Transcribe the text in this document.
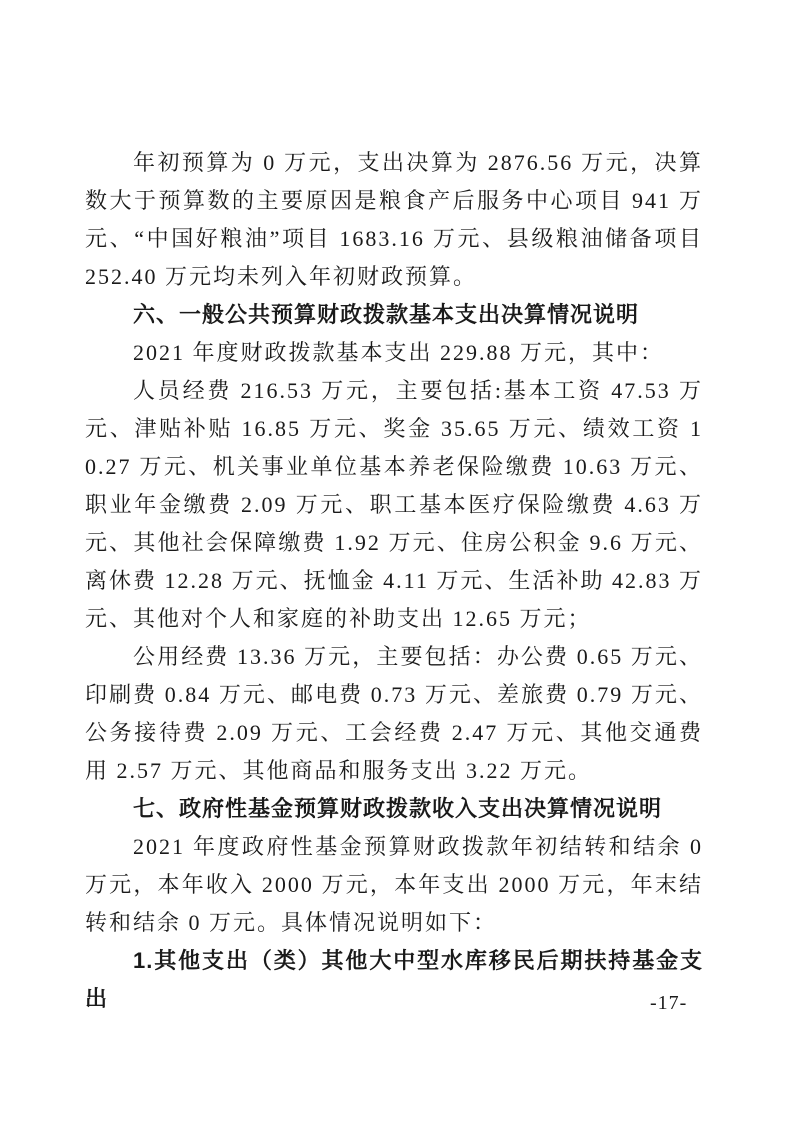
年初预算为 0 万元，支出决算为 2876.56 万元，决算数大于预算数的主要原因是粮食产后服务中心项目 941 万元、“中国好粮油”项目 1683.16 万元、县级粮油储备项目 252.40 万元均未列入年初财政预算。

六、一般公共预算财政拨款基本支出决算情况说明

2021 年度财政拨款基本支出 229.88 万元，其中：

人员经费 216.53 万元，主要包括:基本工资 47.53 万元、津贴补贴 16.85 万元、奖金 35.65 万元、绩效工资 10.27 万元、机关事业单位基本养老保险缴费 10.63 万元、职业年金缴费 2.09 万元、职工基本医疗保险缴费 4.63 万元、其他社会保障缴费 1.92 万元、住房公积金 9.6 万元、离休费 12.28 万元、抚恤金 4.11 万元、生活补助 42.83 万元、其他对个人和家庭的补助支出 12.65 万元；

公用经费 13.36 万元，主要包括：办公费 0.65 万元、印刷费 0.84 万元、邮电费 0.73 万元、差旅费 0.79 万元、公务接待费 2.09 万元、工会经费 2.47 万元、其他交通费用 2.57 万元、其他商品和服务支出 3.22 万元。

七、政府性基金预算财政拨款收入支出决算情况说明

2021 年度政府性基金预算财政拨款年初结转和结余 0 万元，本年收入 2000 万元，本年支出 2000 万元，年末结转和结余 0 万元。具体情况说明如下：

1.其他支出（类）其他大中型水库移民后期扶持基金支出	-17-
